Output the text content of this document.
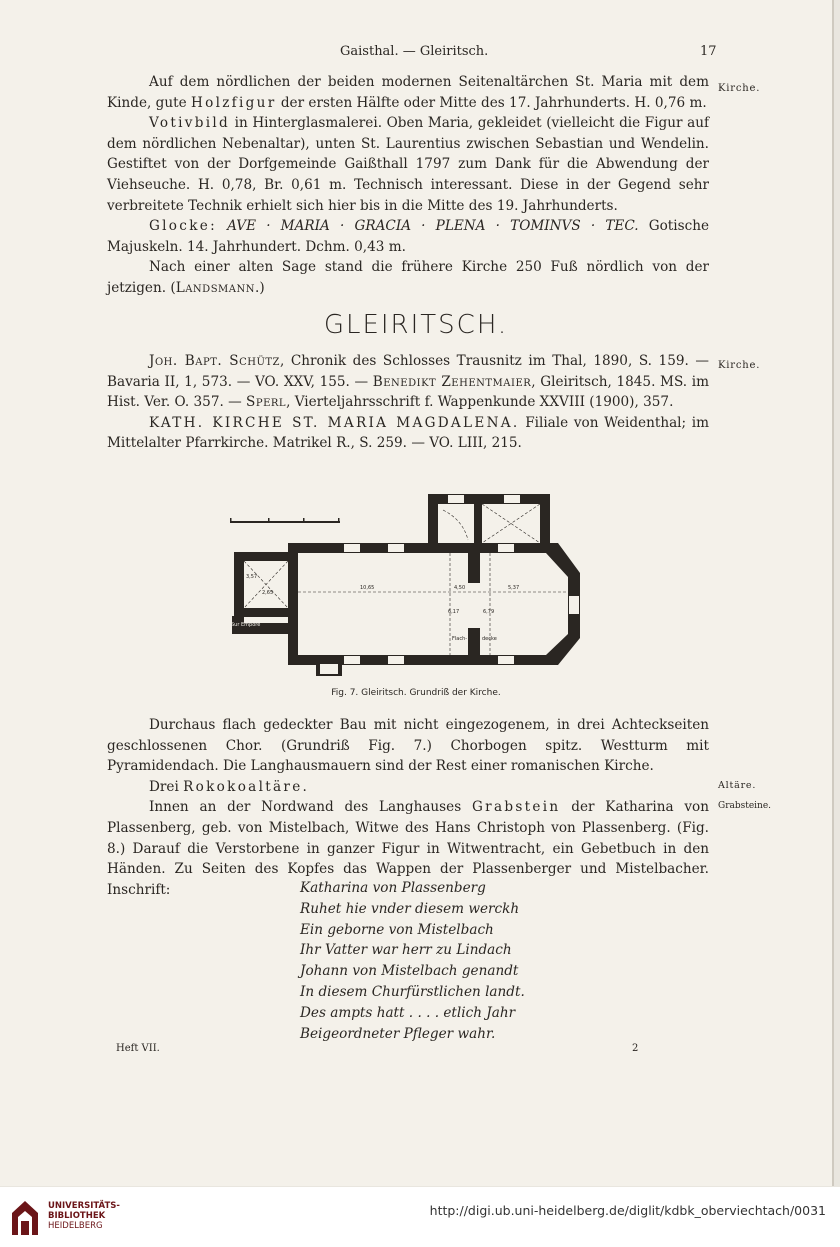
Gaisthal. — Gleiritsch.	17

Auf dem nördlichen der beiden modernen Seitenaltärchen St. Maria mit dem Kinde, gute Holzfigur der ersten Hälfte oder Mitte des 17. Jahrhunderts. H. 0,76 m.

Votivbild in Hinterglasmalerei. Oben Maria, gekleidet (vielleicht die Figur auf dem nördlichen Nebenaltar), unten St. Laurentius zwischen Sebastian und Wendelin. Gestiftet von der Dorfgemeinde Gaißthall 1797 zum Dank für die Abwendung der Viehseuche. H. 0,78, Br. 0,61 m. Technisch interessant. Diese in der Gegend sehr verbreitete Technik erhielt sich hier bis in die Mitte des 19. Jahrhunderts.

Glocke: AVE · MARIA · GRACIA · PLENA · TOMINVS · TEC. Gotische Majuskeln. 14. Jahrhundert. Dchm. 0,43 m.

Nach einer alten Sage stand die frühere Kirche 250 Fuß nördlich von der jetzigen. (Landsmann.)

Kirche.
GLEIRITSCH.
Kirche.

Joh. Bapt. Schütz, Chronik des Schlosses Trausnitz im Thal, 1890, S. 159. — Bavaria II, 1, 573. — VO. XXV, 155. — Benedikt Zehentmaier, Gleiritsch, 1845. MS. im Hist. Ver. O. 357. — Sperl, Vierteljahrsschrift f. Wappenkunde XXVIII (1900), 357.

KATH. KIRCHE ST. MARIA MAGDALENA. Filiale von Weidenthal; im Mittelalter Pfarrkirche. Matrikel R., S. 259. — VO. LIII, 215.

10,65	4,50	5,37
6,17	6,79
2,65
3,57
Flach-	decke
Sur Empore
Fig. 7. Gleiritsch. Grundriß der Kirche.

Durchaus flach gedeckter Bau mit nicht eingezogenem, in drei Achteckseiten geschlossenen Chor. (Grundriß Fig. 7.) Chorbogen spitz. Westturm mit Pyramidendach. Die Langhausmauern sind der Rest einer romanischen Kirche.

Drei Rokokoaltäre.

Innen an der Nordwand des Langhauses Grabstein der Katharina von Plassenberg, geb. von Mistelbach, Witwe des Hans Christoph von Plassenberg. (Fig. 8.) Darauf die Verstorbene in ganzer Figur in Witwentracht, ein Gebetbuch in den Händen. Zu Seiten des Kopfes das Wappen der Plassenberger und Mistelbacher. Inschrift:

Altäre.
Grabsteine.
Katharina von Plassenberg
Ruhet hie vnder diesem werckh
Ein geborne von Mistelbach
Ihr Vatter war herr zu Lindach
Johann von Mistelbach genandt
In diesem Churfürstlichen landt.
Des ampts hatt . . . . etlich Jahr
Beigeordneter Pfleger wahr.
Heft VII.	2
UNIVERSITÄTS-
BIBLIOTHEK
HEIDELBERG
http://digi.ub.uni-heidelberg.de/diglit/kdbk_oberviechtach/0031
